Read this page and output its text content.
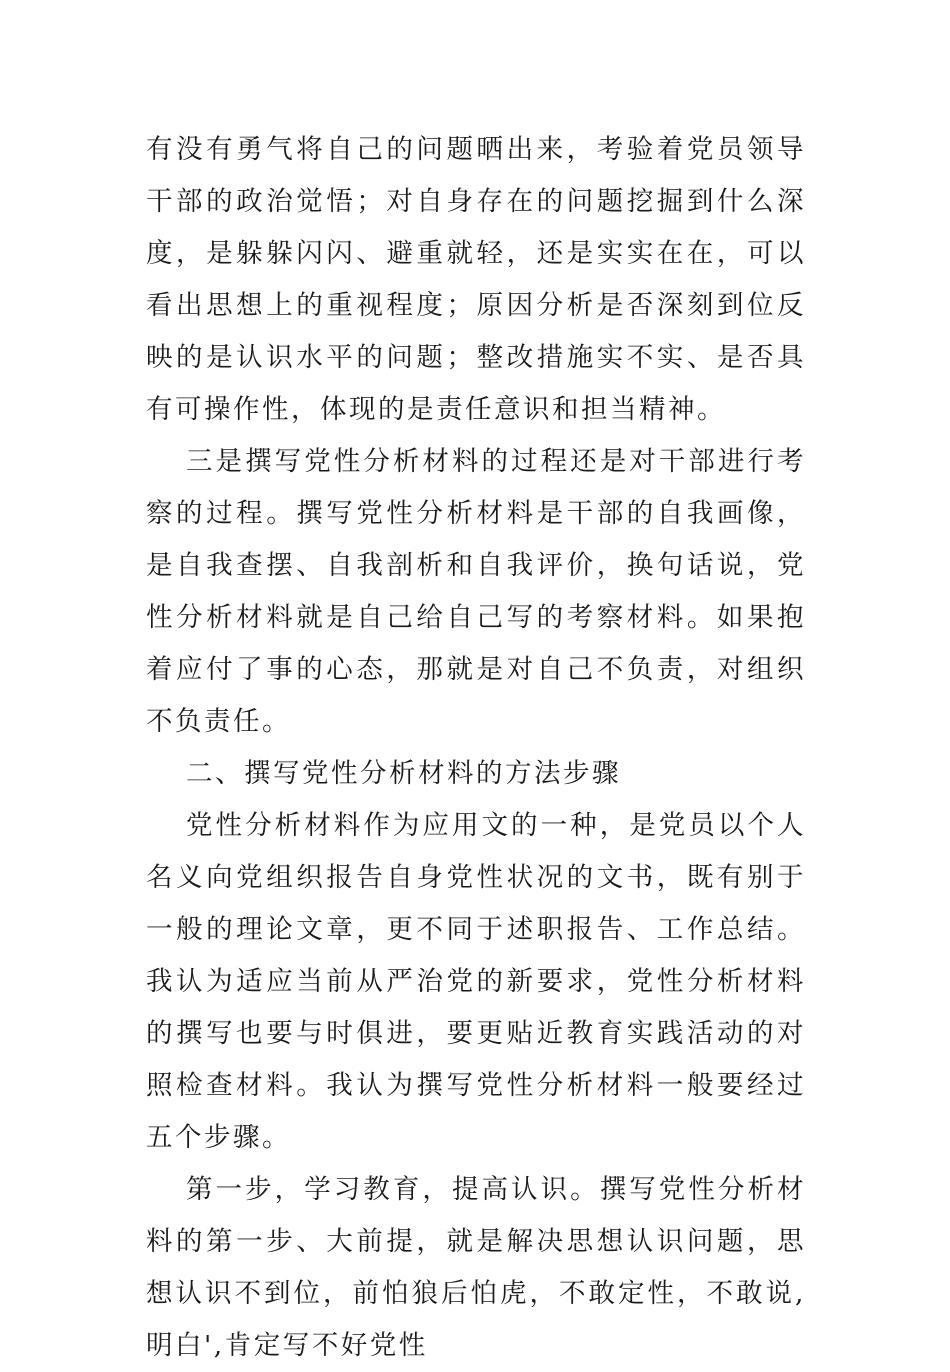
有没有勇气将自己的问题晒出来，考验着党员领导干部的政治觉悟；对自身存在的问题挖掘到什么深度，是躲躲闪闪、避重就轻，还是实实在在，可以看出思想上的重视程度；原因分析是否深刻到位反映的是认识水平的问题；整改措施实不实、是否具有可操作性，体现的是责任意识和担当精神。

三是撰写党性分析材料的过程还是对干部进行考察的过程。撰写党性分析材料是干部的自我画像，是自我查摆、自我剖析和自我评价，换句话说，党性分析材料就是自己给自己写的考察材料。如果抱着应付了事的心态，那就是对自己不负责，对组织不负责任。

二、撰写党性分析材料的方法步骤

党性分析材料作为应用文的一种，是党员以个人名义向党组织报告自身党性状况的文书，既有别于一般的理论文章，更不同于述职报告、工作总结。我认为适应当前从严治党的新要求，党性分析材料的撰写也要与时俱进，要更贴近教育实践活动的对照检查材料。我认为撰写党性分析材料一般要经过五个步骤。

第一步，学习教育，提高认识。撰写党性分析材料的第一步、大前提，就是解决思想认识问题，思想认识不到位，前怕狼后怕虎，不敢定性，不敢说,明白',肯定写不好党性
